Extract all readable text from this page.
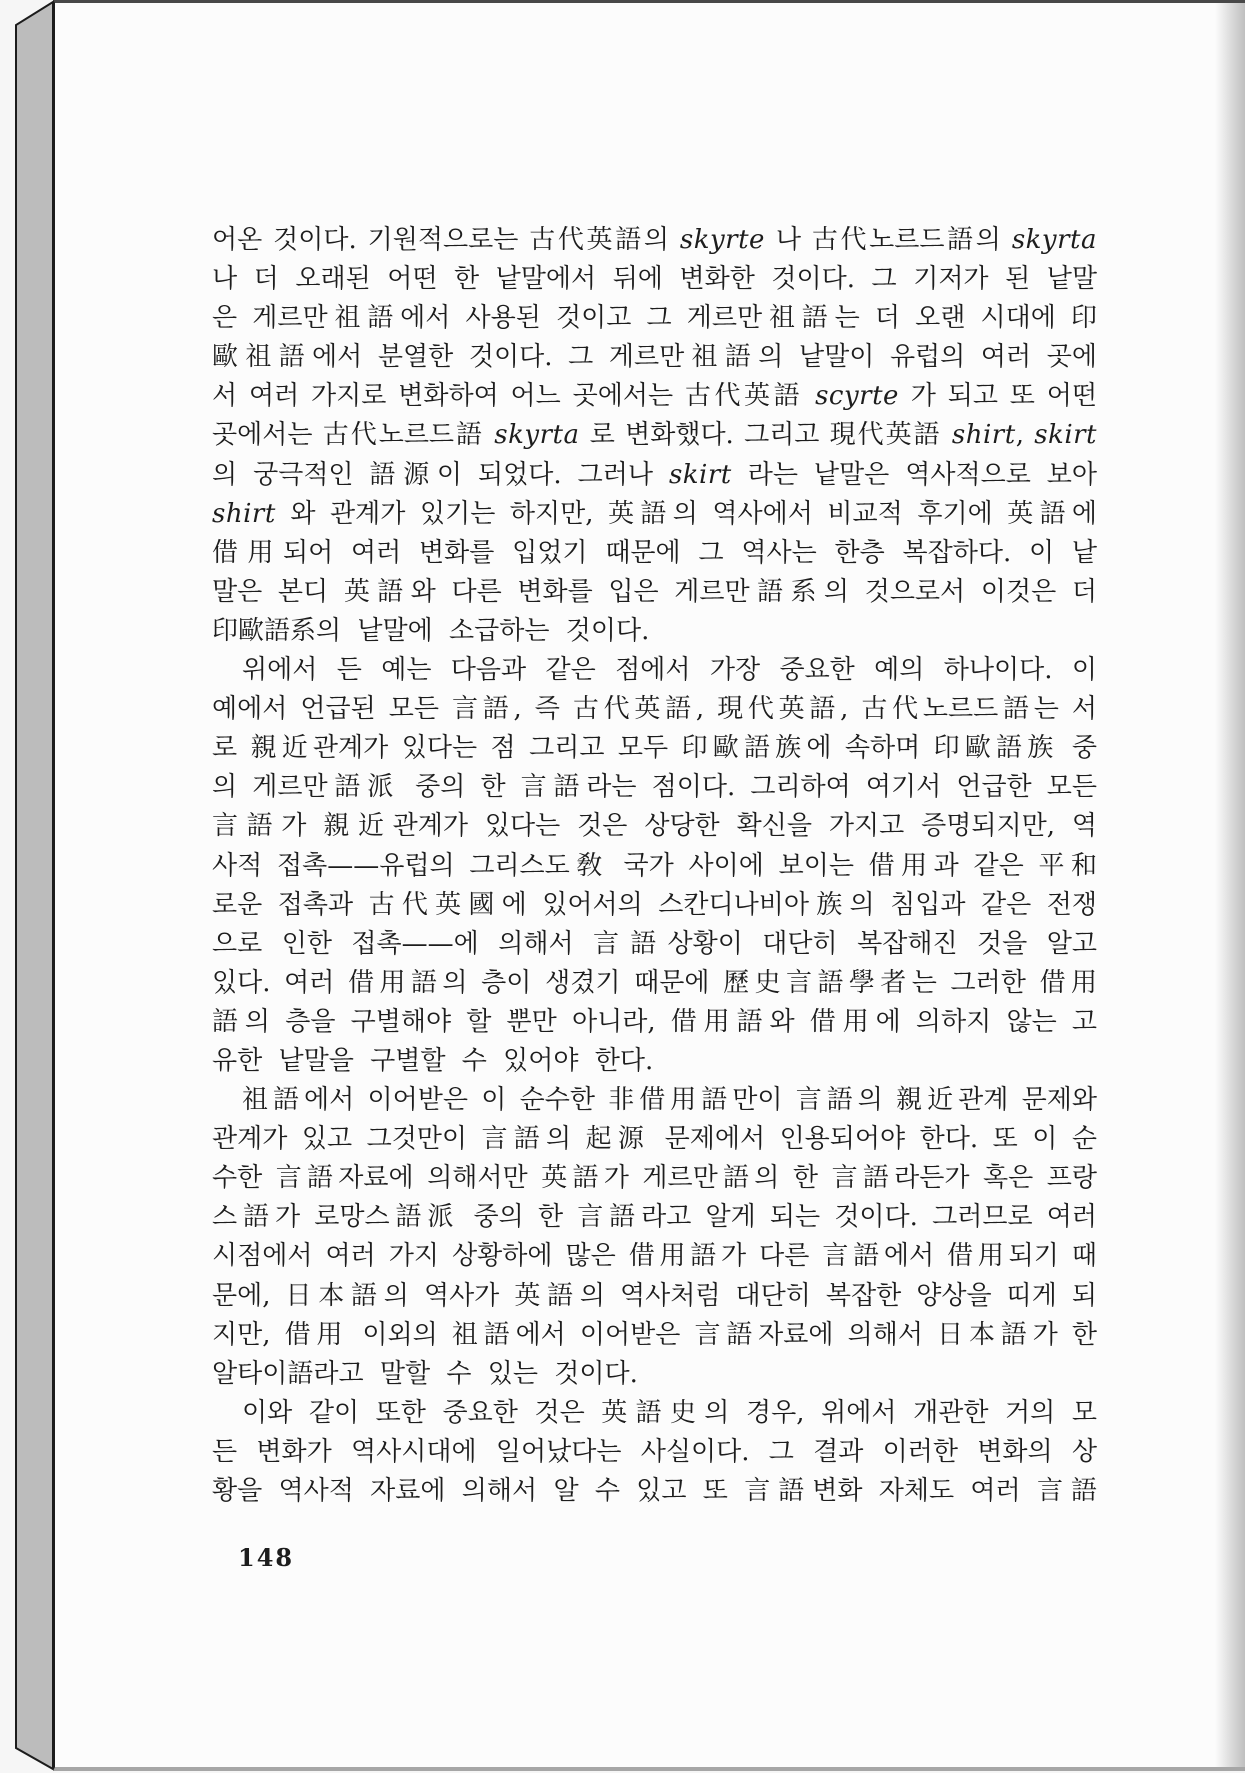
어온 것이다. 기원적으로는 古代英語의 skyrte 나 古代노르드語의 skyrta
나 더 오래된 어떤 한 낱말에서 뒤에 변화한 것이다. 그 기저가 된 낱말
은 게르만祖語에서 사용된 것이고 그 게르만祖語는 더 오랜 시대에 印
歐祖語에서 분열한 것이다. 그 게르만祖語의 낱말이 유럽의 여러 곳에
서 여러 가지로 변화하여 어느 곳에서는 古代英語 scyrte 가 되고 또 어떤
곳에서는 古代노르드語 skyrta 로 변화했다. 그리고 現代英語 shirt, skirt
의 궁극적인 語源이 되었다. 그러나 skirt 라는 낱말은 역사적으로 보아
shirt 와 관계가 있기는 하지만, 英語의 역사에서 비교적 후기에 英語에
借用되어 여러 변화를 입었기 때문에 그 역사는 한층 복잡하다. 이 낱
말은 본디 英語와 다른 변화를 입은 게르만語系의 것으로서 이것은 더
印歐語系의 낱말에 소급하는 것이다.
위에서 든 예는 다음과 같은 점에서 가장 중요한 예의 하나이다. 이
예에서 언급된 모든 言語, 즉 古代英語, 現代英語, 古代노르드語는 서
로 親近관계가 있다는 점 그리고 모두 印歐語族에 속하며 印歐語族 중
의 게르만語派 중의 한 言語라는 점이다. 그리하여 여기서 언급한 모든
言語가 親近관계가 있다는 것은 상당한 확신을 가지고 증명되지만, 역
사적 접촉——유럽의 그리스도敎 국가 사이에 보이는 借用과 같은 平和
로운 접촉과 古代英國에 있어서의 스칸디나비아族의 침입과 같은 전쟁
으로 인한 접촉——에 의해서 言語상황이 대단히 복잡해진 것을 알고
있다. 여러 借用語의 층이 생겼기 때문에 歷史言語學者는 그러한 借用
語의 층을 구별해야 할 뿐만 아니라, 借用語와 借用에 의하지 않는 고
유한 낱말을 구별할 수 있어야 한다.
祖語에서 이어받은 이 순수한 非借用語만이 言語의 親近관계 문제와
관계가 있고 그것만이 言語의 起源 문제에서 인용되어야 한다. 또 이 순
수한 言語자료에 의해서만 英語가 게르만語의 한 言語라든가 혹은 프랑
스語가 로망스語派 중의 한 言語라고 알게 되는 것이다. 그러므로 여러
시점에서 여러 가지 상황하에 많은 借用語가 다른 言語에서 借用되기 때
문에, 日本語의 역사가 英語의 역사처럼 대단히 복잡한 양상을 띠게 되
지만, 借用 이외의 祖語에서 이어받은 言語자료에 의해서 日本語가 한
알타이語라고 말할 수 있는 것이다.
이와 같이 또한 중요한 것은 英語史의 경우, 위에서 개관한 거의 모
든 변화가 역사시대에 일어났다는 사실이다. 그 결과 이러한 변화의 상
황을 역사적 자료에 의해서 알 수 있고 또 言語변화 자체도 여러 言語
148
